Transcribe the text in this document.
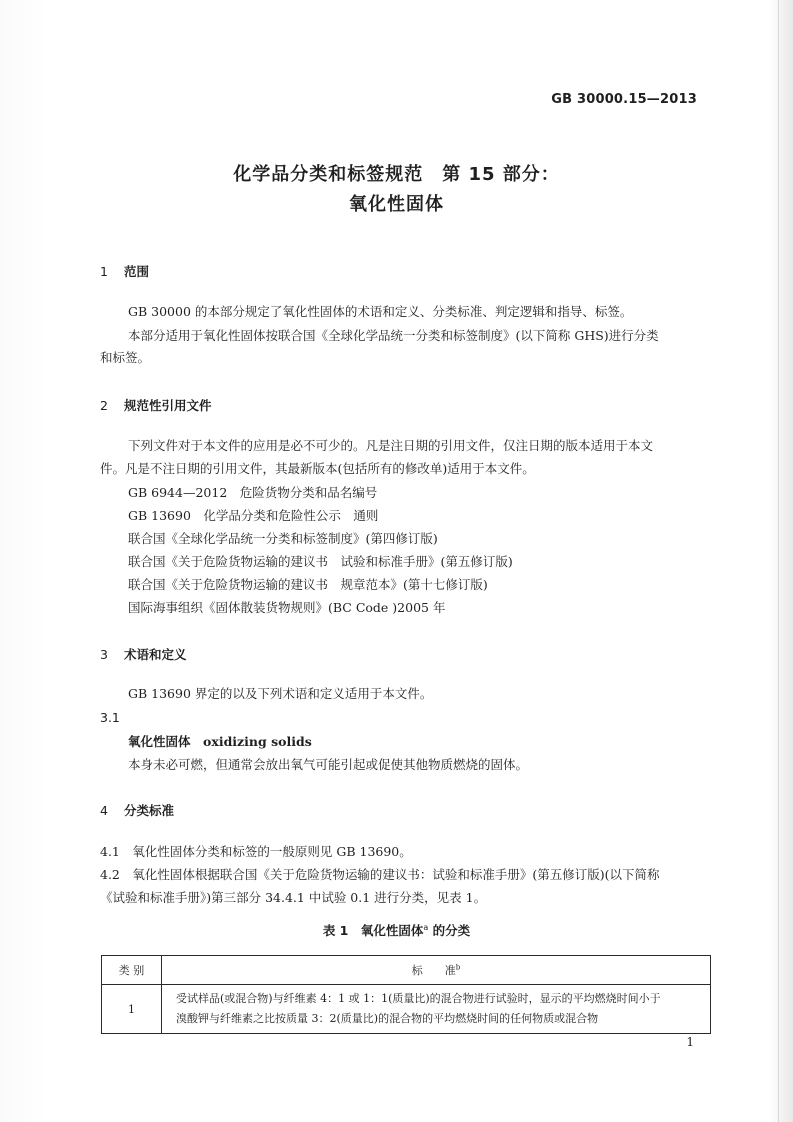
GB 30000.15—2013
化学品分类和标签规范　第 15 部分：
氧化性固体
1 范围
GB 30000 的本部分规定了氧化性固体的术语和定义、分类标准、判定逻辑和指导、标签。
本部分适用于氧化性固体按联合国《全球化学品统一分类和标签制度》(以下简称 GHS)进行分类
和标签。
2 规范性引用文件
下列文件对于本文件的应用是必不可少的。凡是注日期的引用文件，仅注日期的版本适用于本文
件。凡是不注日期的引用文件，其最新版本(包括所有的修改单)适用于本文件。
GB 6944—2012　危险货物分类和品名编号
GB 13690　化学品分类和危险性公示　通则
联合国《全球化学品统一分类和标签制度》(第四修订版)
联合国《关于危险货物运输的建议书　试验和标准手册》(第五修订版)
联合国《关于危险货物运输的建议书　规章范本》(第十七修订版)
国际海事组织《固体散装货物规则》(BC Code )2005 年
3 术语和定义
GB 13690 界定的以及下列术语和定义适用于本文件。
3.1
氧化性固体　 oxidizing solids
本身未必可燃，但通常会放出氧气可能引起或促使其他物质燃烧的固体。
4 分类标准
4.1　氧化性固体分类和标签的一般原则见 GB 13690。
4.2　氧化性固体根据联合国《关于危险货物运输的建议书：试验和标准手册》(第五修订版)(以下简称
《试验和标准手册》)第三部分 34.4.1 中试验 0.1 进行分类，见表 1。
表 1　氧化性固体$^a$ 的分类
类 别	标　　准$^b$
1	受试样品(或混合物)与纤维素 4：1 或 1：1(质量比)的混合物进行试验时，显示的平均燃烧时间小于
溴酸钾与纤维素之比按质量 3：2(质量比)的混合物的平均燃烧时间的任何物质或混合物
1
